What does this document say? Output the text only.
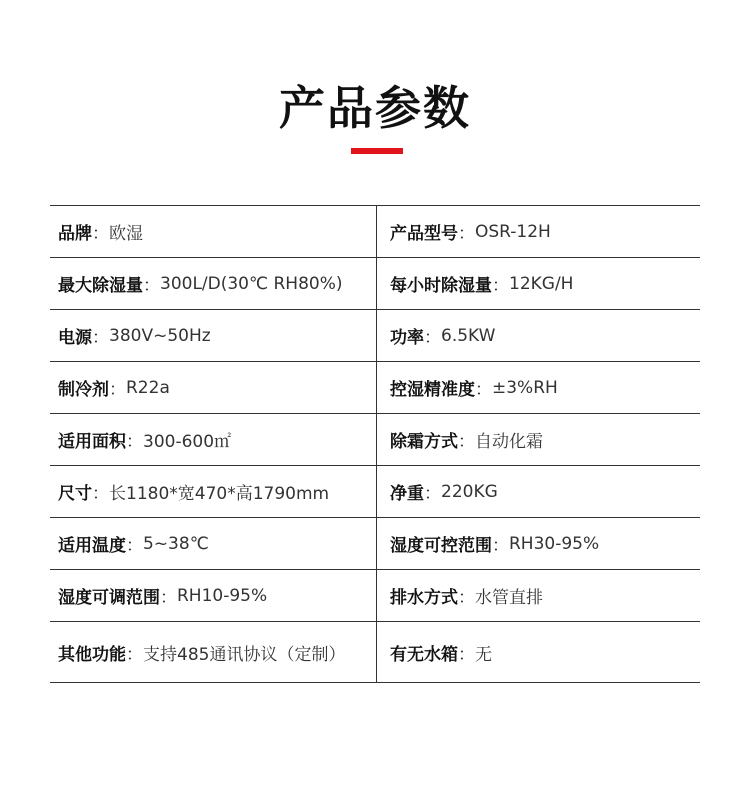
产品参数
品牌 ： 欧湿	产品型号 ： OSR-12H
最大除湿量 ： 300L/D(30℃ RH80%)	每小时除湿量 ： 12KG/H
电源 ： 380V~50Hz	功率 ： 6.5KW
制冷剂 ： R22a	控湿精准度 ： ±3%RH
适用面积 ： 300-600㎡	除霜方式 ： 自动化霜
尺寸 ： 长1180*宽470*高1790mm	净重 ： 220KG
适用温度 ： 5~38℃	湿度可控范围 ： RH30-95%
湿度可调范围 ： RH10-95%	排水方式 ： 水管直排
其他功能 ： 支持485通讯协议（定制）	有无水箱 ： 无
